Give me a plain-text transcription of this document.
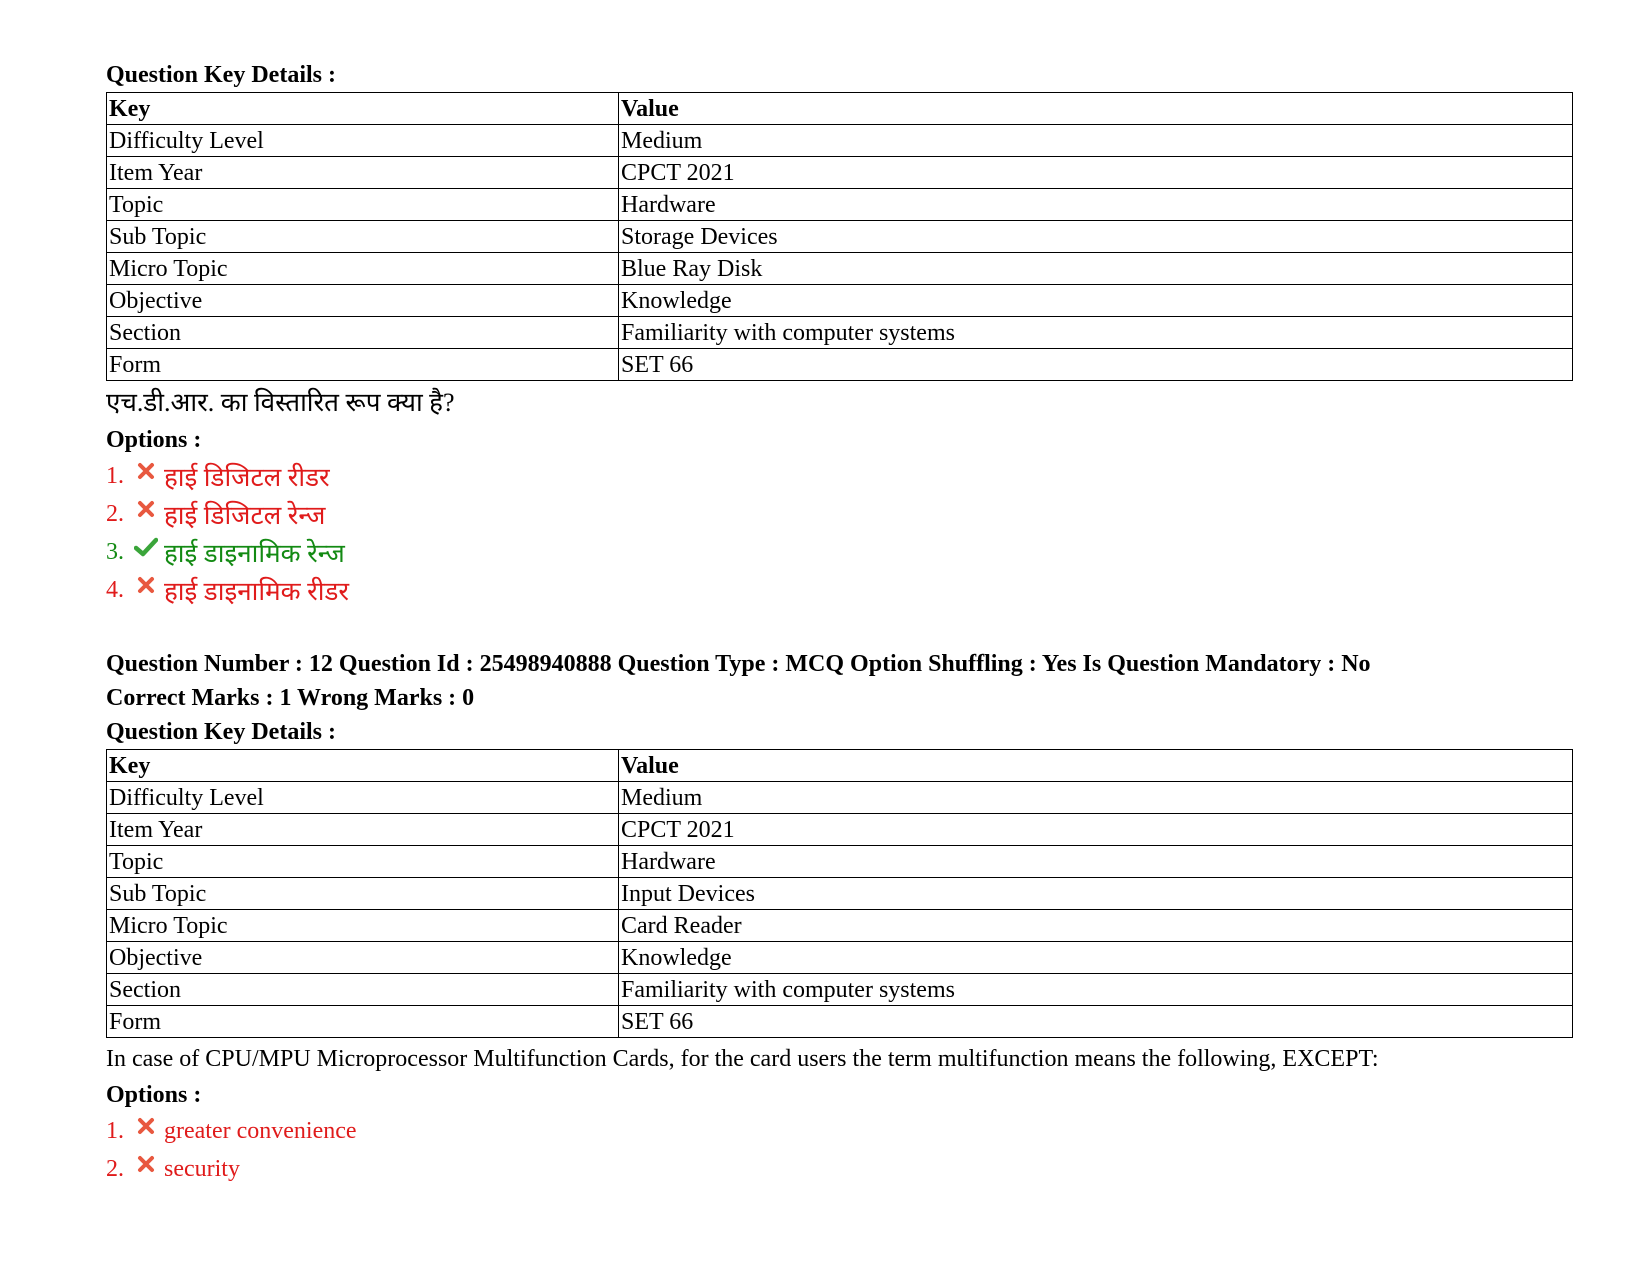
Question Key Details :
Key	Value
Difficulty Level	Medium
Item Year	CPCT 2021
Topic	Hardware
Sub Topic	Storage Devices
Micro Topic	Blue Ray Disk
Objective	Knowledge
Section	Familiarity with computer systems
Form	SET 66
एच.डी.आर. का विस्तारित रूप क्या है?
Options :
1.	हाई डिजिटल रीडर
2.	हाई डिजिटल रेन्ज
3.	हाई डाइनामिक रेन्ज
4.	हाई डाइनामिक रीडर
Question Number : 12 Question Id : 25498940888 Question Type : MCQ Option Shuffling : Yes Is Question Mandatory : No
Correct Marks : 1 Wrong Marks : 0
Question Key Details :
Key	Value
Difficulty Level	Medium
Item Year	CPCT 2021
Topic	Hardware
Sub Topic	Input Devices
Micro Topic	Card Reader
Objective	Knowledge
Section	Familiarity with computer systems
Form	SET 66
In case of CPU/MPU Microprocessor Multifunction Cards, for the card users the term multifunction means the following, EXCEPT:
Options :
1.	greater convenience
2.	security
